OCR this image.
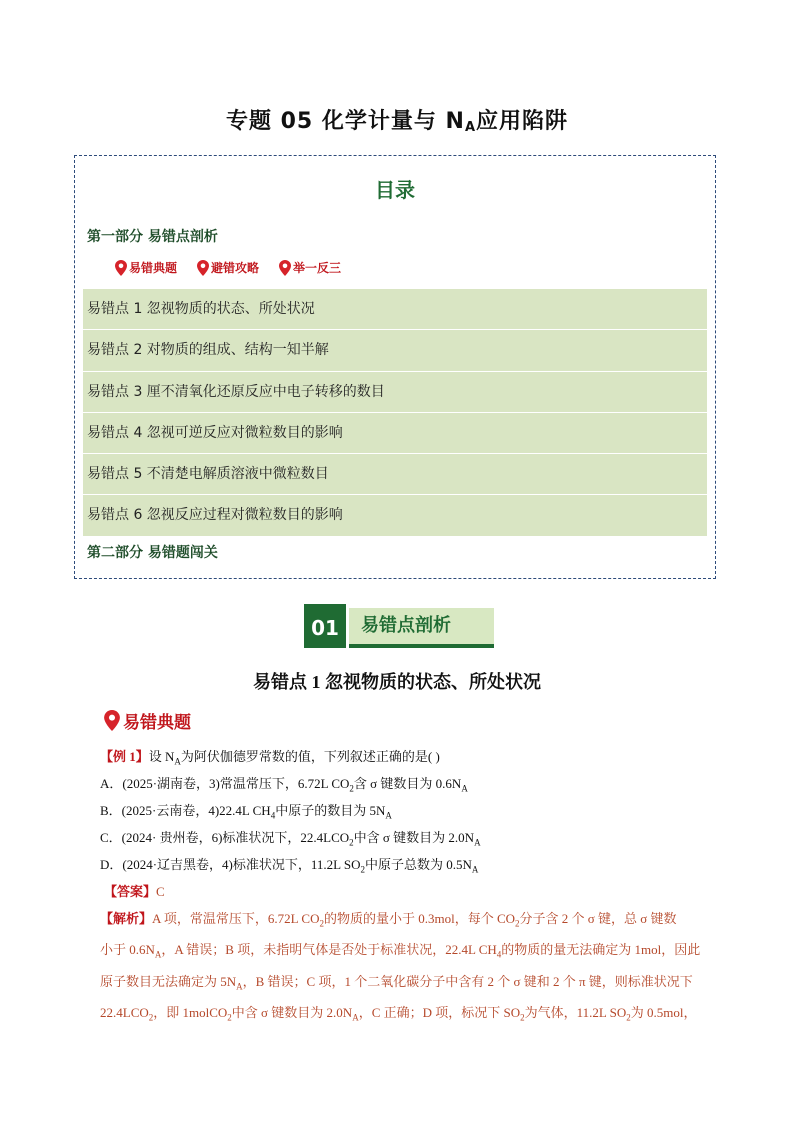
专题 05 化学计量与 $N_A$应用陷阱
目录
第一部分 易错点剖析
易错典题	避错攻略	举一反三
易错点 1 忽视物质的状态、所处状况
易错点 2 对物质的组成、结构一知半解
易错点 3 厘不清氧化还原反应中电子转移的数目
易错点 4 忽视可逆反应对微粒数目的影响
易错点 5 不清楚电解质溶液中微粒数目
易错点 6 忽视反应过程对微粒数目的影响
第二部分 易错题闯关
01	易错点剖析
易错点 1 忽视物质的状态、所处状况
易错典题
【例 1】设 $N_A$为阿伏伽德罗常数的值，下列叙述正确的是( )
A．(2025·湖南卷，3)常温常压下，6.72L $CO_2$含 σ 键数目为 $0.6N_A$
B．(2025·云南卷，4)22.4L $CH_4$中原子的数目为 $5N_A$
C．(2024· 贵州卷，6)标准状况下，$22.4LCO_2$中含 σ 键数目为 $2.0N_A$
D．(2024·辽吉黑卷，4)标准状况下，11.2L $SO_2$中原子总数为 $0.5N_A$
【答案】C

【解析】A 项，常温常压下，6.72L $CO_2$的物质的量小于 0.3mol，每个 $CO_2$分子含 2 个 σ 键，总 σ 键数

小于 $0.6N_A$，A 错误；B 项，未指明气体是否处于标准状况，22.4L $CH_4$的物质的量无法确定为 1mol，因此

原子数目无法确定为 $5N_A$，B 错误；C 项，1 个二氧化碳分子中含有 2 个 σ 键和 2 个 π 键，则标准状况下

$22.4LCO_2$，即 1molCO$_2$中含 σ 键数目为 $2.0N_A$，C 正确；D 项，标况下 $SO_2$为气体，11.2L $SO_2$为 0.5mol，
